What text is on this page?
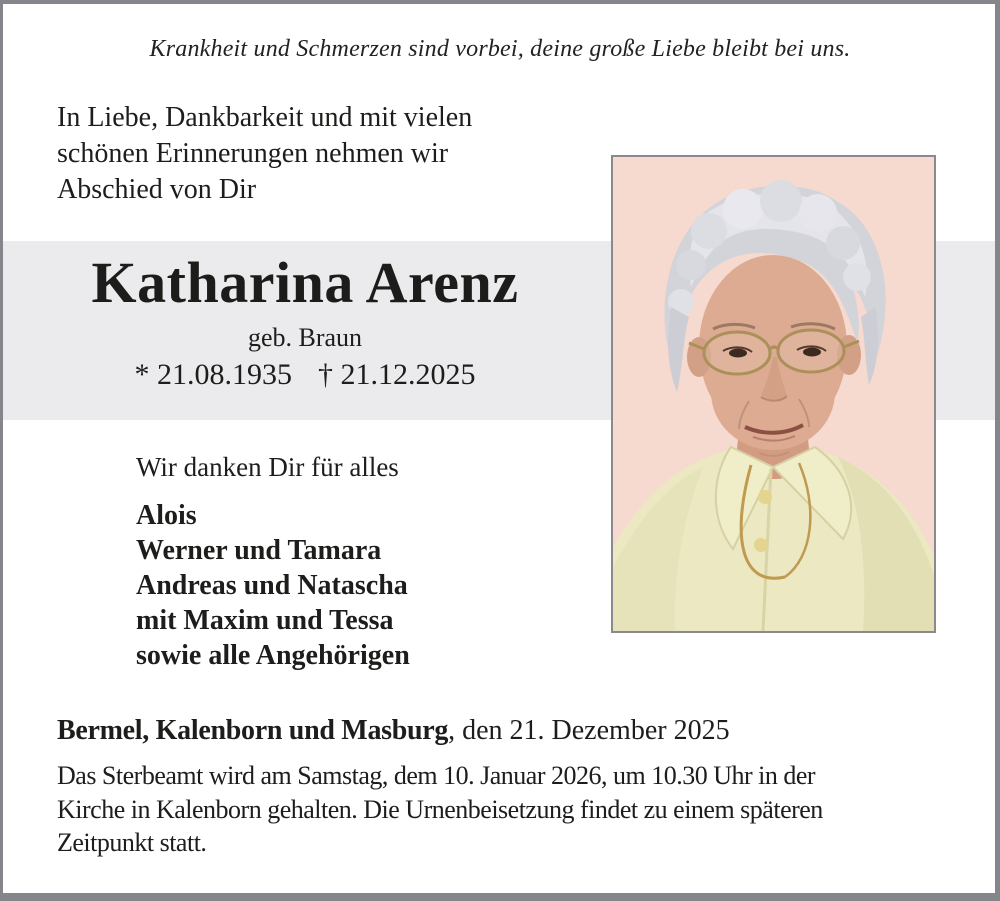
Krankheit und Schmerzen sind vorbei, deine große Liebe bleibt bei uns.
In Liebe, Dankbarkeit und mit vielen
schönen Erinnerungen nehmen wir
Abschied von Dir
Katharina Arenz
geb. Braun
* 21.08.1935 † 21.12.2025
Wir danken Dir für alles
Alois
Werner und Tamara
Andreas und Natascha
mit Maxim und Tessa
sowie alle Angehörigen
Bermel, Kalenborn und Masburg, den 21. Dezember 2025
Das Sterbeamt wird am Samstag, dem 10. Januar 2026, um 10.30 Uhr in der
Kirche in Kalenborn gehalten. Die Urnenbeisetzung findet zu einem späteren
Zeitpunkt statt.
